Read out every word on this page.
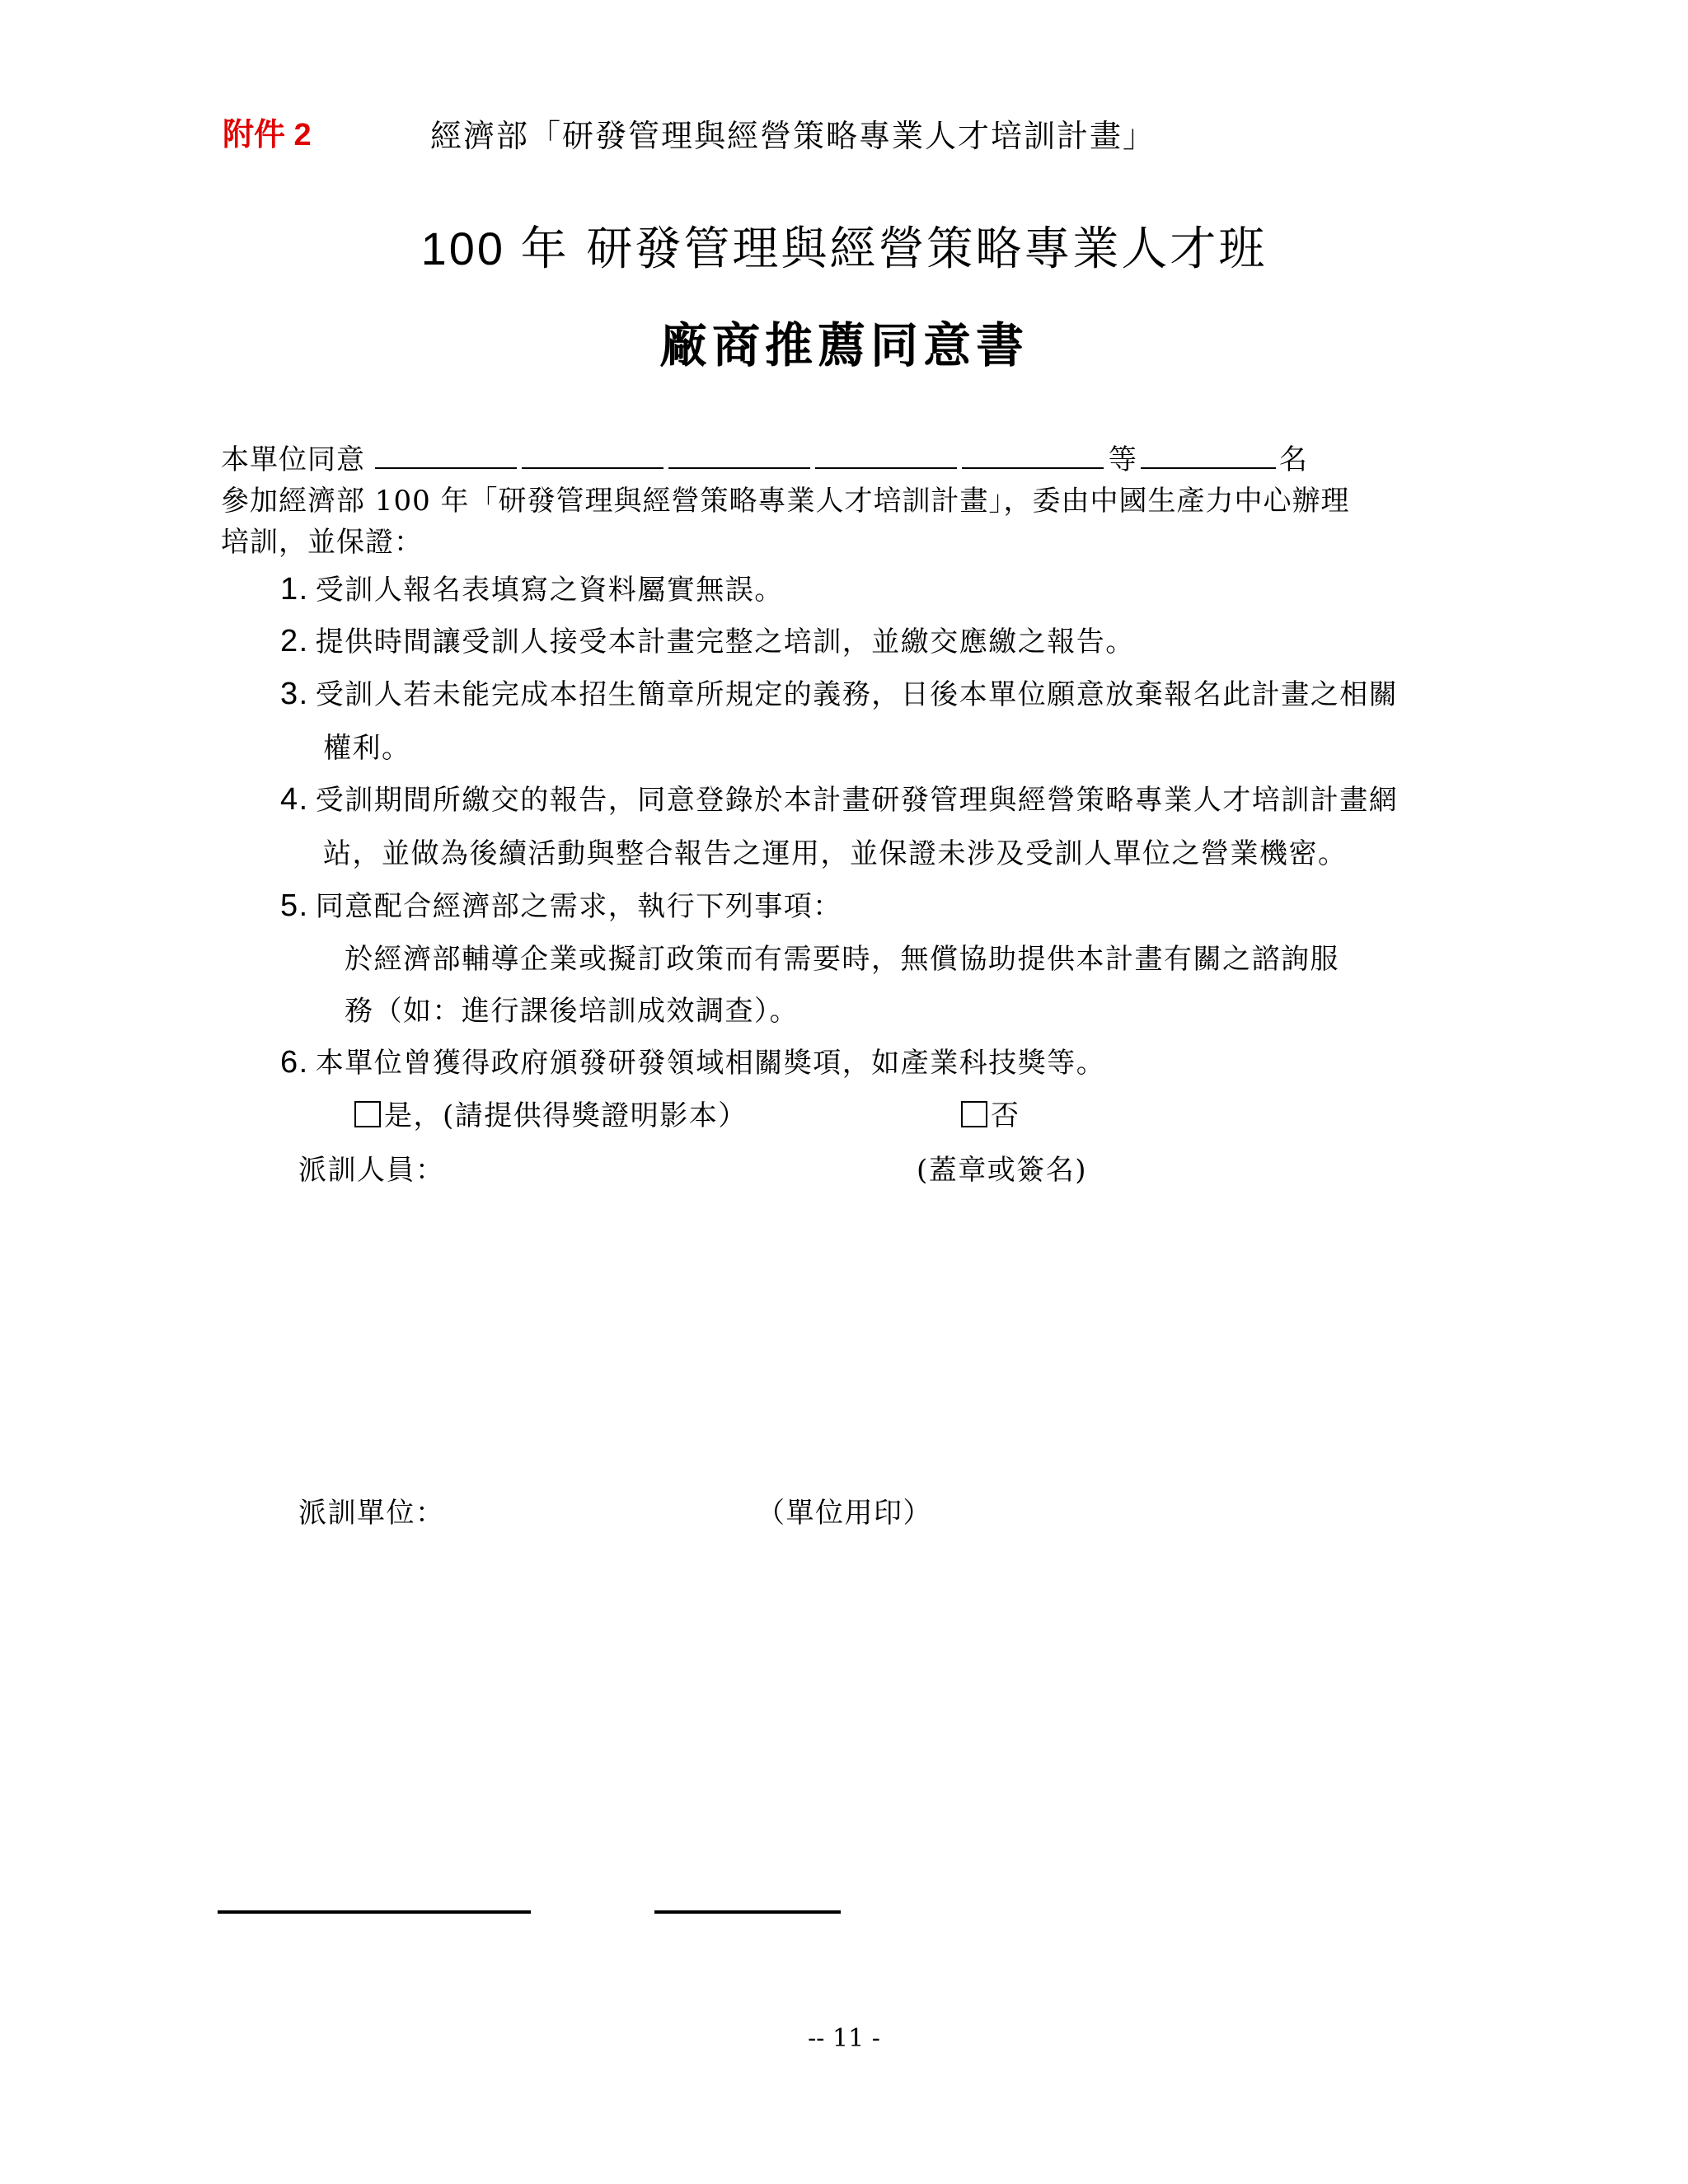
附件 2	經濟部「研發管理與經營策略專業人才培訓計畫」
100 年 研發管理與經營策略專業人才班
廠商推薦同意書
本單位同意	等	名
參加經濟部 100 年「研發管理與經營策略專業人才培訓計畫」，委由中國生產力中心辦理
培訓，並保證：
1. 受訓人報名表填寫之資料屬實無誤。
2. 提供時間讓受訓人接受本計畫完整之培訓，並繳交應繳之報告。
3. 受訓人若未能完成本招生簡章所規定的義務，日後本單位願意放棄報名此計畫之相關
權利。
4. 受訓期間所繳交的報告，同意登錄於本計畫研發管理與經營策略專業人才培訓計畫網
站，並做為後續活動與整合報告之運用，並保證未涉及受訓人單位之營業機密。
5. 同意配合經濟部之需求，執行下列事項：
於經濟部輔導企業或擬訂政策而有需要時，無償協助提供本計畫有關之諮詢服
務（如：進行課後培訓成效調查）。
6. 本單位曾獲得政府頒發研發領域相關獎項，如產業科技獎等。
是，(請提供得獎證明影本）	否
派訓人員：	(蓋章或簽名)
派訓單位：	（單位用印）
-- 11 -
